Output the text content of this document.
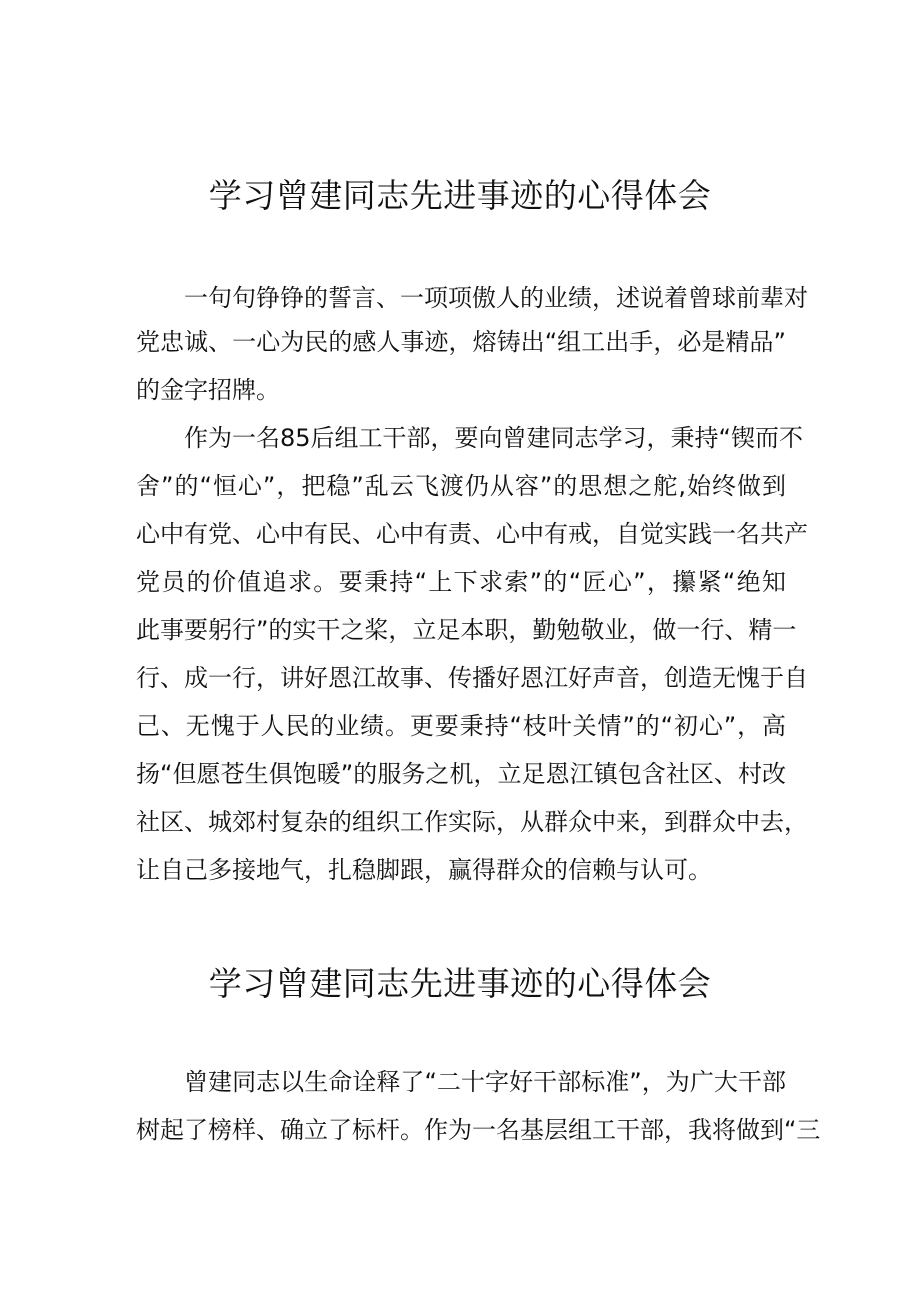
学习曾建同志先进事迹的心得体会
一句句铮铮的誓言、一项项傲人的业绩，述说着曾球前辈对
党忠诚、一心为民的感人事迹，熔铸出“组工出手，必是精品”
的金字招牌。
作为一名85后组工干部，要向曾建同志学习，秉持“锲而不
舍”的“恒心”，把稳”乱云飞渡仍从容”的思想之舵,始终做到
心中有党、心中有民、心中有责、心中有戒，自觉实践一名共产
党员的价值追求。要秉持“上下求索”的“匠心”，攥紧“绝知
此事要躬行”的实干之桨，立足本职，勤勉敬业，做一行、精一
行、成一行，讲好恩江故事、传播好恩江好声音，创造无愧于自
己、无愧于人民的业绩。更要秉持“枝叶关情”的“初心”，高
扬“但愿苍生俱饱暖”的服务之机，立足恩江镇包含社区、村改
社区、城郊村复杂的组织工作实际，从群众中来，到群众中去，
让自己多接地气，扎稳脚跟，赢得群众的信赖与认可。
学习曾建同志先进事迹的心得体会
曾建同志以生命诠释了“二十字好干部标准”，为广大干部
树起了榜样、确立了标杆。作为一名基层组工干部，我将做到“三
